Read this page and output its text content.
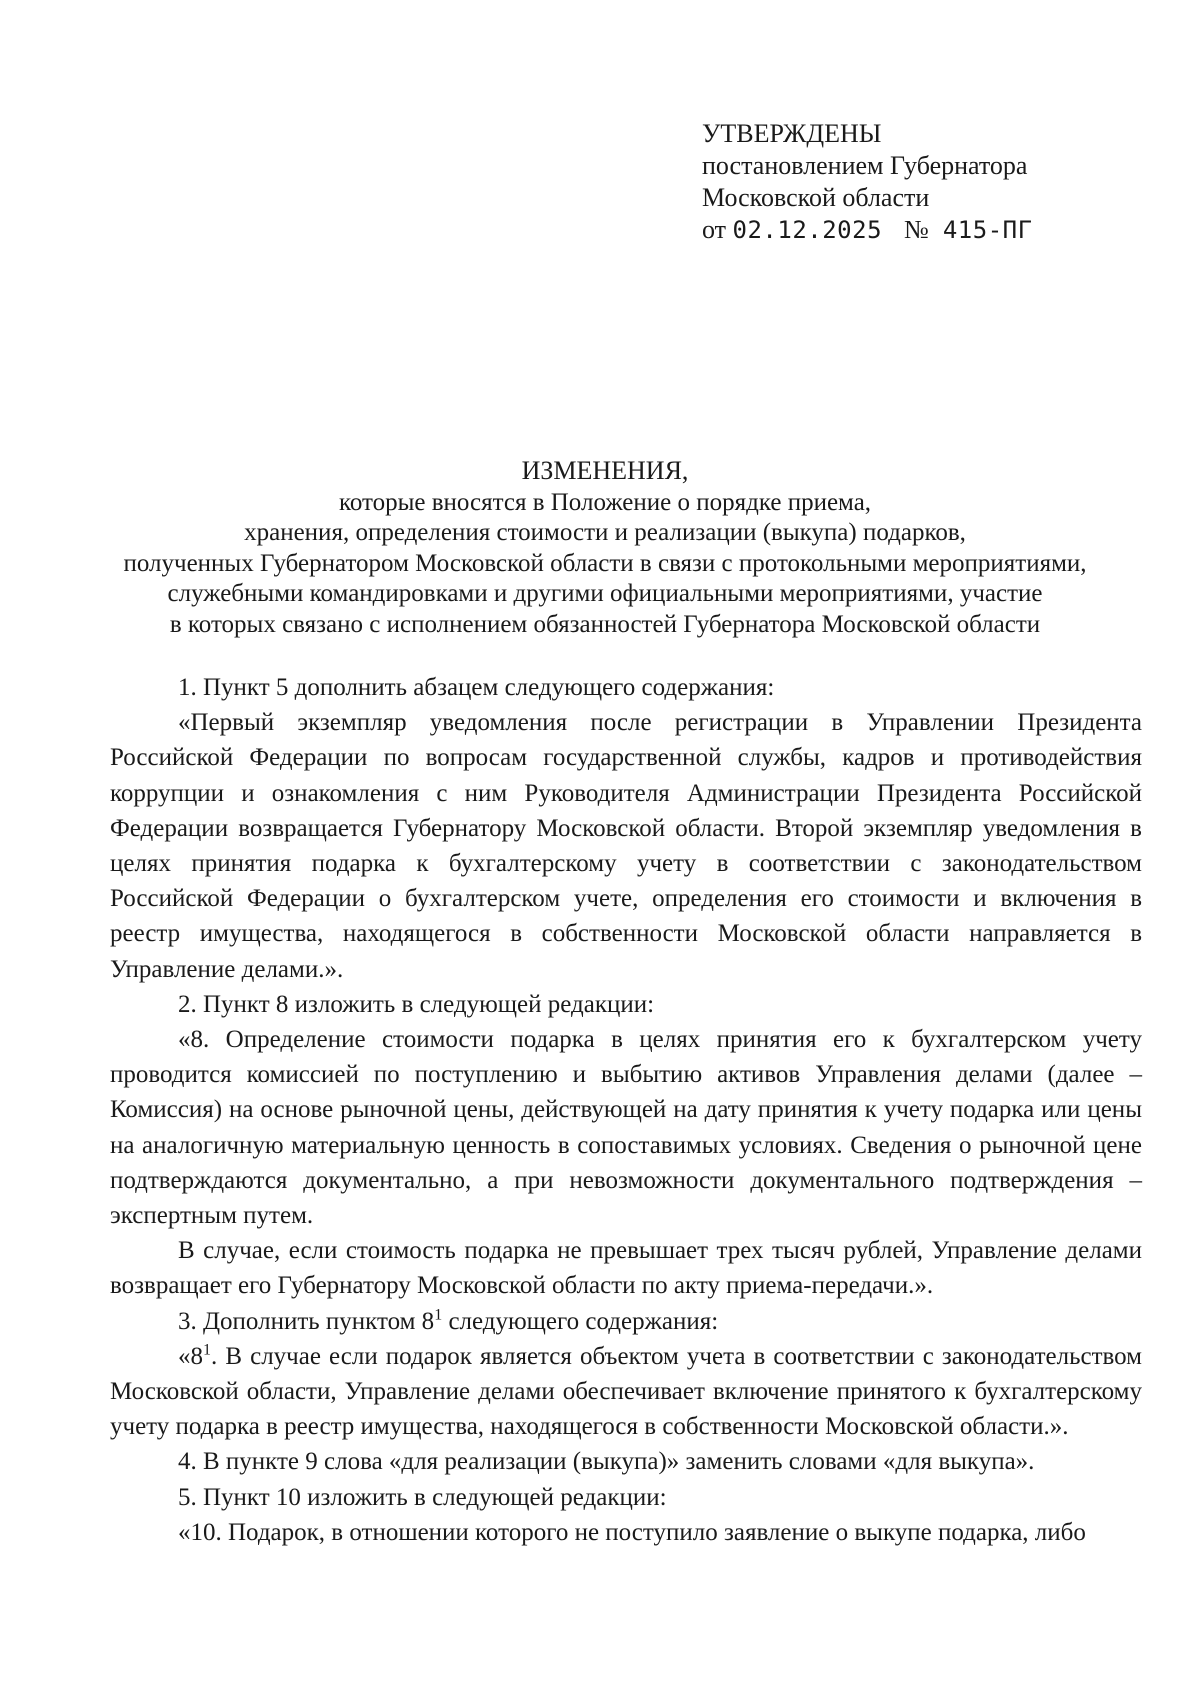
УТВЕРЖДЕНЫ
постановлением Губернатора
Московской области
от 02.12.2025 № 415-ПГ
ИЗМЕНЕНИЯ,
которые вносятся в Положение о порядке приема,
хранения, определения стоимости и реализации (выкупа) подарков,
полученных Губернатором Московской области в связи с протокольными мероприятиями,
служебными командировками и другими официальными мероприятиями, участие
в которых связано с исполнением обязанностей Губернатора Московской области

1. Пункт 5 дополнить абзацем следующего содержания:

«Первый экземпляр уведомления после регистрации в Управлении Президента Российской Федерации по вопросам государственной службы, кадров и противодействия коррупции и ознакомления с ним Руководителя Администрации Президента Российской Федерации возвращается Губернатору Московской области. Второй экземпляр уведомления в целях принятия подарка к бухгалтерскому учету в соответствии с законодательством Российской Федерации о бухгалтерском учете, определения его стоимости и включения в реестр имущества, находящегося в собственности Московской области направляется в Управление делами.».

2. Пункт 8 изложить в следующей редакции:

«8. Определение стоимости подарка в целях принятия его к бухгалтерском учету проводится комиссией по поступлению и выбытию активов Управления делами (далее – Комиссия) на основе рыночной цены, действующей на дату принятия к учету подарка или цены на аналогичную материальную ценность в сопоставимых условиях. Сведения о рыночной цене подтверждаются документально, а при невозможности документального подтверждения – экспертным путем.

В случае, если стоимость подарка не превышает трех тысяч рублей, Управление делами возвращает его Губернатору Московской области по акту приема-передачи.».

3. Дополнить пунктом $8^1$ следующего содержания:

«$8^1$. В случае если подарок является объектом учета в соответствии с законодательством Московской области, Управление делами обеспечивает включение принятого к бухгалтерскому учету подарка в реестр имущества, находящегося в собственности Московской области.».

4. В пункте 9 слова «для реализации (выкупа)» заменить словами «для выкупа».

5. Пункт 10 изложить в следующей редакции:

«10. Подарок, в отношении которого не поступило заявление о выкупе подарка, либо
